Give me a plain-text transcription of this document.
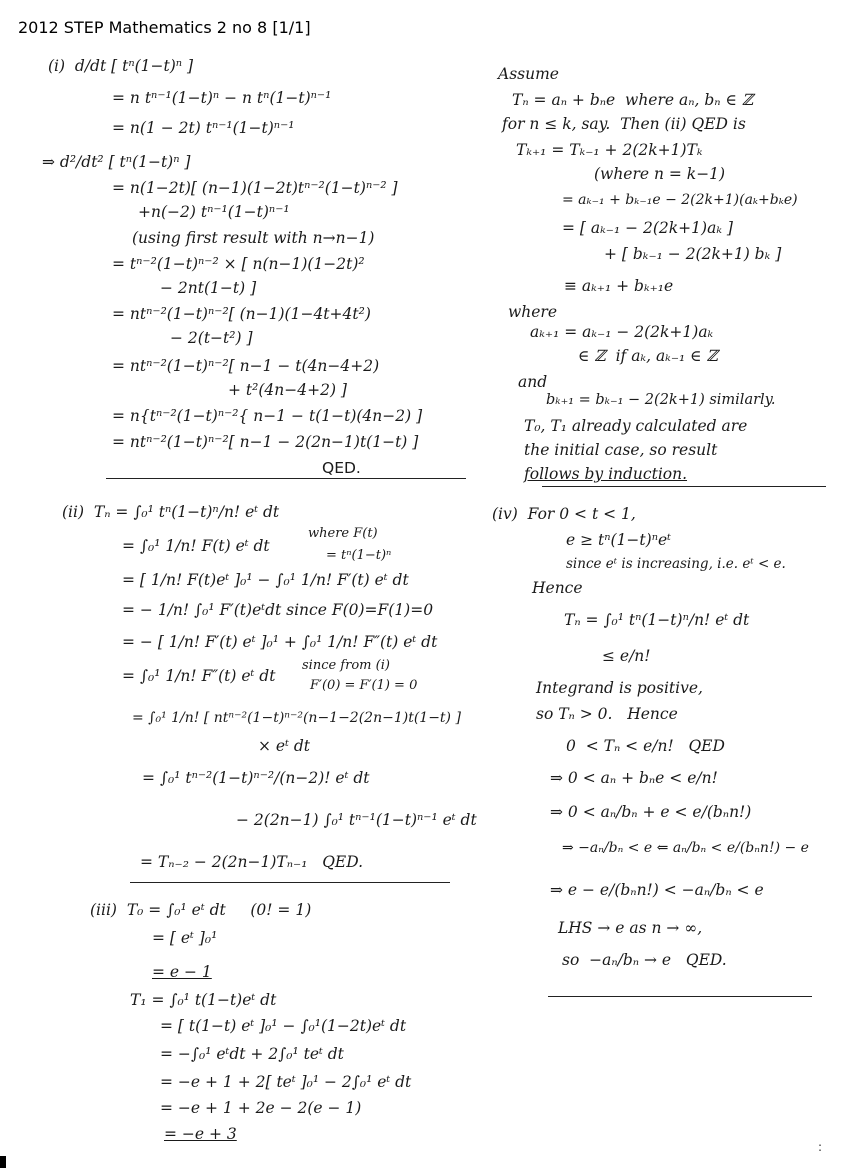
2012 STEP Mathematics 2 no 8 [1/1]
(i)  d/dt [ tⁿ(1−t)ⁿ ]
= n tⁿ⁻¹(1−t)ⁿ − n tⁿ(1−t)ⁿ⁻¹
= n(1 − 2t) tⁿ⁻¹(1−t)ⁿ⁻¹
⇒ d²/dt² [ tⁿ(1−t)ⁿ ]
= n(1−2t)[ (n−1)(1−2t)tⁿ⁻²(1−t)ⁿ⁻² ]
+n(−2) tⁿ⁻¹(1−t)ⁿ⁻¹
(using first result with n→n−1)
= tⁿ⁻²(1−t)ⁿ⁻² × [ n(n−1)(1−2t)²
− 2nt(1−t) ]
= ntⁿ⁻²(1−t)ⁿ⁻²[ (n−1)(1−4t+4t²)
− 2(t−t²) ]
= ntⁿ⁻²(1−t)ⁿ⁻²[ n−1 − t(4n−4+2)
+ t²(4n−4+2) ]
= n{tⁿ⁻²(1−t)ⁿ⁻²{ n−1 − t(1−t)(4n−2) ]
= ntⁿ⁻²(1−t)ⁿ⁻²[ n−1 − 2(2n−1)t(1−t) ]
QED.
(ii)  Tₙ = ∫₀¹ tⁿ(1−t)ⁿ/n! eᵗ dt
where F(t)
= ∫₀¹ 1/n! F(t) eᵗ dt
= tⁿ(1−t)ⁿ
= [ 1/n! F(t)eᵗ ]₀¹ − ∫₀¹ 1/n! F′(t) eᵗ dt
= − 1/n! ∫₀¹ F′(t)eᵗdt since F(0)=F(1)=0
= − [ 1/n! F′(t) eᵗ ]₀¹ + ∫₀¹ 1/n! F″(t) eᵗ dt
= ∫₀¹ 1/n! F″(t) eᵗ dt
since from (i)
F′(0) = F′(1) = 0
= ∫₀¹ 1/n! [ ntⁿ⁻²(1−t)ⁿ⁻²(n−1−2(2n−1)t(1−t) ]
× eᵗ dt
= ∫₀¹ tⁿ⁻²(1−t)ⁿ⁻²/(n−2)! eᵗ dt
− 2(2n−1) ∫₀¹ tⁿ⁻¹(1−t)ⁿ⁻¹ eᵗ dt
= Tₙ₋₂ − 2(2n−1)Tₙ₋₁   QED.
(iii)  T₀ = ∫₀¹ eᵗ dt     (0! = 1)
= [ eᵗ ]₀¹
= e − 1
T₁ = ∫₀¹ t(1−t)eᵗ dt
= [ t(1−t) eᵗ ]₀¹ − ∫₀¹(1−2t)eᵗ dt
= −∫₀¹ eᵗdt + 2∫₀¹ teᵗ dt
= −e + 1 + 2[ teᵗ ]₀¹ − 2∫₀¹ eᵗ dt
= −e + 1 + 2e − 2(e − 1)
= −e + 3
Assume
Tₙ = aₙ + bₙe  where aₙ, bₙ ∈ ℤ
for n ≤ k, say.  Then (ii) QED is
Tₖ₊₁ = Tₖ₋₁ + 2(2k+1)Tₖ
(where n = k−1)
= aₖ₋₁ + bₖ₋₁e − 2(2k+1)(aₖ+bₖe)
= [ aₖ₋₁ − 2(2k+1)aₖ ]
+ [ bₖ₋₁ − 2(2k+1) bₖ ]
≡ aₖ₊₁ + bₖ₊₁e
where
aₖ₊₁ = aₖ₋₁ − 2(2k+1)aₖ
∈ ℤ  if aₖ, aₖ₋₁ ∈ ℤ
and
bₖ₊₁ = bₖ₋₁ − 2(2k+1) similarly.
T₀, T₁ already calculated are
the initial case, so result
follows by induction.
(iv)  For 0 < t < 1,
e ≥ tⁿ(1−t)ⁿeᵗ
since eᵗ is increasing, i.e. eᵗ < e.
Hence
Tₙ = ∫₀¹ tⁿ(1−t)ⁿ/n! eᵗ dt
≤ e/n!
Integrand is positive,
so Tₙ > 0.   Hence
0  < Tₙ < e/n!   QED
⇒ 0 < aₙ + bₙe < e/n!
⇒ 0 < aₙ/bₙ + e < e/(bₙn!)
⇒ −aₙ/bₙ < e ⇐ aₙ/bₙ < e/(bₙn!) − e
⇒ e − e/(bₙn!) < −aₙ/bₙ < e
LHS → e as n → ∞,
so  −aₙ/bₙ → e   QED.
:
